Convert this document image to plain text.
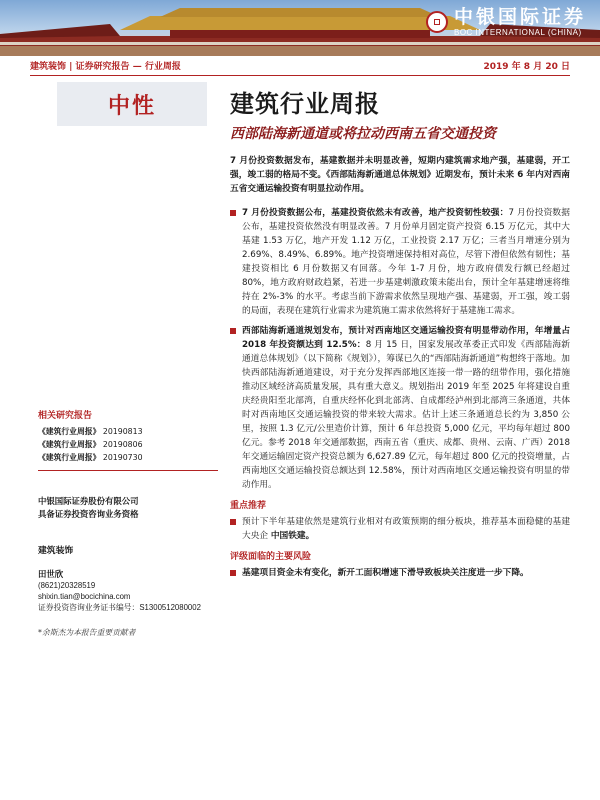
中银国际证券
BOC INTERNATIONAL (CHINA)
建筑装饰 | 证券研究报告 — 行业周报	2019 年 8 月 20 日
中性	建筑行业周报
西部陆海新通道或将拉动西南五省交通投资

7 月份投资数据发布，基建数据并未明显改善，短期内建筑需求地产强，基建弱，开工强，竣工弱的格局不变。《西部陆海新通道总体规划》近期发布，预计未来 6 年内对西南五省交通运输投资有明显拉动作用。

7 月份投资数据公布，基建投资依然未有改善，地产投资韧性较强：7 月份投资数据公布，基建投资依然没有明显改善。7 月份单月固定资产投资 6.15 万亿元，其中大基建 1.53 万亿，地产开发 1.12 万亿，工业投资 2.17 万亿；三者当月增速分别为 2.69%、8.49%、6.89%。地产投资增速保持相对高位，尽管下滑但依然有韧性；基建投资相比 6 月份数据又有回落。今年 1-7 月份，地方政府债发行额已经超过 80%，地方政府财政趋紧，若进一步基建刺激政策未能出台，预计全年基建增速将维持在 2%-3% 的水平。考虑当前下游需求依然呈现地产强、基建弱，开工强，竣工弱的局面，表现在建筑行业需求为建筑施工需求依然将好于基建施工需求。
西部陆海新通道规划发布，预计对西南地区交通运输投资有明显带动作用，年增量占 2018 年投资额达到 12.5%：8 月 15 日，国家发展改革委正式印发《西部陆海新通道总体规划》（以下简称《规划》），筹谋已久的“西部陆海新通道”构想终于落地。加快西部陆海新通道建设，对于充分发挥西部地区连接一带一路的纽带作用，强化措施推动区域经济高质量发展，具有重大意义。规划指出 2019 年至 2025 年将建设自重庆经贵阳至北部湾，自重庆经怀化到北部湾、自成都经泸州到北部湾三条通道，共体时对西南地区交通运输投资的带来较大需求。估计上述三条通道总长约为 3,850 公里，按照 1.3 亿元/公里造价计算，预计 6 年总投资 5,000 亿元，平均每年超过 800 亿元。参考 2018 年交通部数据，西南五省（重庆、成都、贵州、云南、广西）2018 年交通运输固定资产投资总额为 6,627.89 亿元，每年超过 800 亿元的投资增量，占西南地区交通运输投资总额达到 12.58%，预计对西南地区交通运输投资有明显的带动作用。
重点推荐
预计下半年基建依然是建筑行业相对有政策预期的细分板块，推荐基本面稳健的基建大央企 中国铁建。
评级面临的主要风险
基建项目资金未有变化，新开工面积增速下滑导致板块关注度进一步下降。
相关研究报告
《建筑行业周报》 20190813
《建筑行业周报》 20190806
《建筑行业周报》 20190730
中银国际证券股份有限公司
具备证券投资咨询业务资格
建筑装饰
田世欣
(8621)20328519
shixin.tian@bocichina.com
证券投资咨询业务证书编号：S1300512080002
*余斯杰为本报告重要贡献者
